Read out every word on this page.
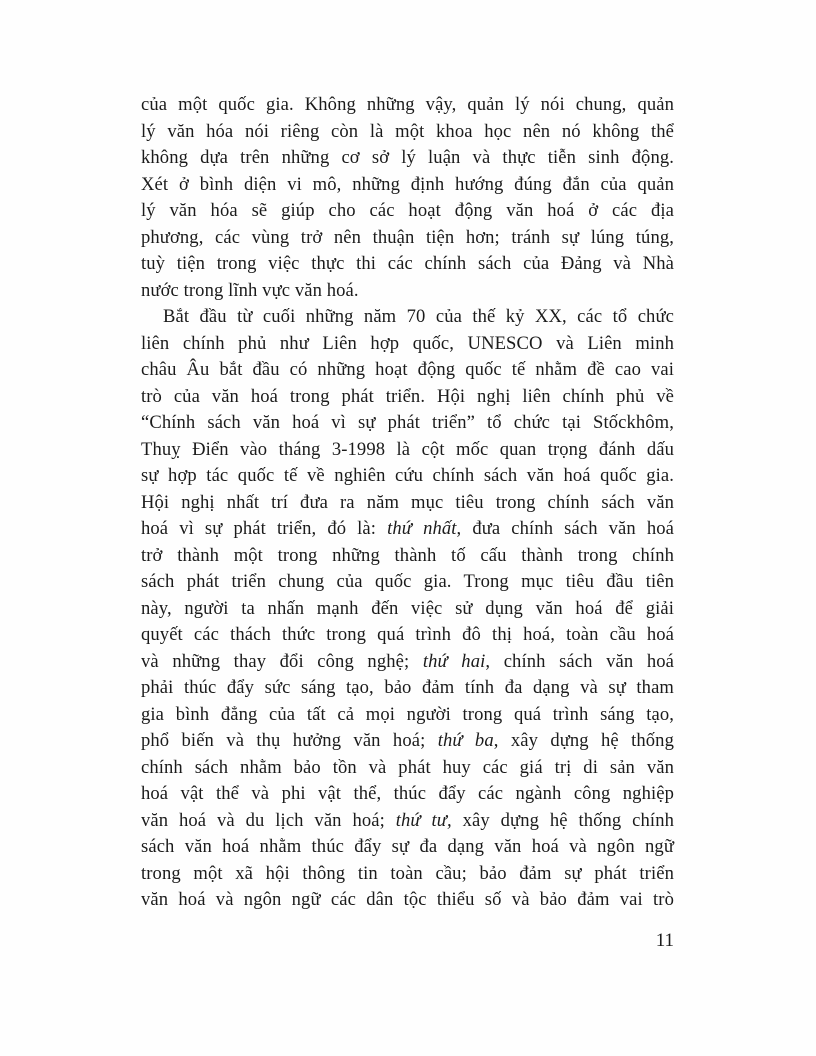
của một quốc gia. Không những vậy, quản lý nói chung, quản
lý văn hóa nói riêng còn là một khoa học nên nó không thể
không dựa trên những cơ sở lý luận và thực tiễn sinh động.
Xét ở bình diện vi mô, những định hướng đúng đắn của quản
lý văn hóa sẽ giúp cho các hoạt động văn hoá ở các địa
phương, các vùng trở nên thuận tiện hơn; tránh sự lúng túng,
tuỳ tiện trong việc thực thi các chính sách của Đảng và Nhà
nước trong lĩnh vực văn hoá.
Bắt đầu từ cuối những năm 70 của thế kỷ XX, các tổ chức
liên chính phủ như Liên hợp quốc, UNESCO và Liên minh
châu Âu bắt đầu có những hoạt động quốc tế nhằm đề cao vai
trò của văn hoá trong phát triển. Hội nghị liên chính phủ về
“Chính sách văn hoá vì sự phát triển” tổ chức tại Stốckhôm,
Thuỵ Điển vào tháng 3-1998 là cột mốc quan trọng đánh dấu
sự hợp tác quốc tế về nghiên cứu chính sách văn hoá quốc gia.
Hội nghị nhất trí đưa ra năm mục tiêu trong chính sách văn
hoá vì sự phát triển, đó là: thứ nhất, đưa chính sách văn hoá
trở thành một trong những thành tố cấu thành trong chính
sách phát triển chung của quốc gia. Trong mục tiêu đầu tiên
này, người ta nhấn mạnh đến việc sử dụng văn hoá để giải
quyết các thách thức trong quá trình đô thị hoá, toàn cầu hoá
và những thay đổi công nghệ; thứ hai, chính sách văn hoá
phải thúc đẩy sức sáng tạo, bảo đảm tính đa dạng và sự tham
gia bình đẳng của tất cả mọi người trong quá trình sáng tạo,
phổ biến và thụ hưởng văn hoá; thứ ba, xây dựng hệ thống
chính sách nhằm bảo tồn và phát huy các giá trị di sản văn
hoá vật thể và phi vật thể, thúc đẩy các ngành công nghiệp
văn hoá và du lịch văn hoá; thứ tư, xây dựng hệ thống chính
sách văn hoá nhằm thúc đẩy sự đa dạng văn hoá và ngôn ngữ
trong một xã hội thông tin toàn cầu; bảo đảm sự phát triển
văn hoá và ngôn ngữ các dân tộc thiểu số và bảo đảm vai trò
11
